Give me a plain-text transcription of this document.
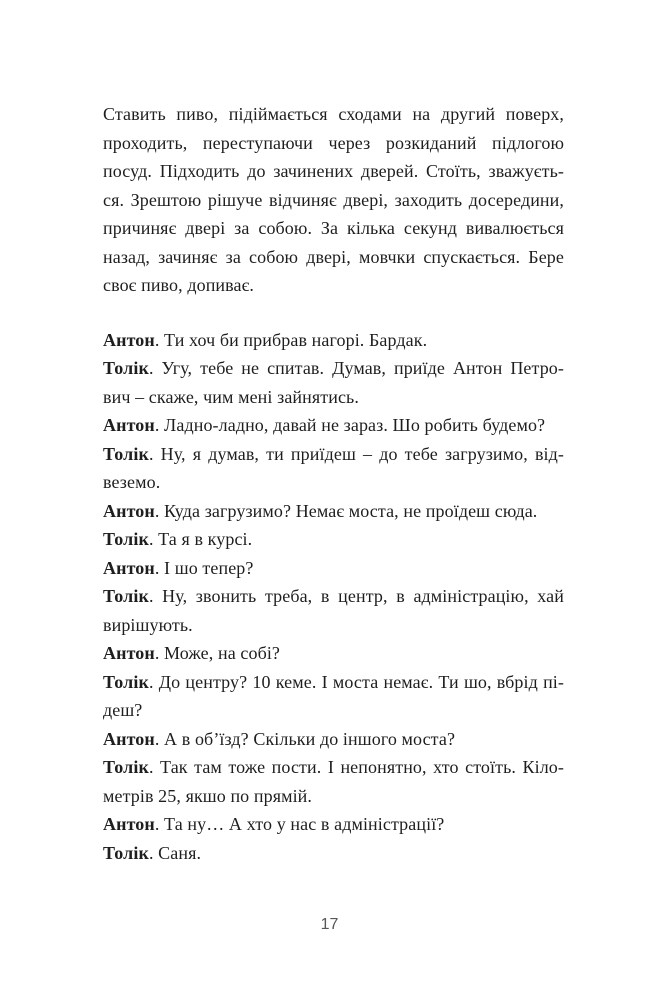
Ставить пиво, підіймається сходами на другий поверх,
проходить, переступаючи через розкиданий підлогою
посуд. Підходить до зачинених дверей. Стоїть, зважуєть-
ся. Зрештою рішуче відчиняє двері, заходить досередини,
причиняє двері за собою. За кілька секунд вивалюється
назад, зачиняє за собою двері, мовчки спускається. Бере
своє пиво, допиває.

Антон. Ти хоч би прибрав нагорі. Бардак.

Толік. Угу, тебе не спитав. Думав, приїде Антон Петро-
вич – скаже, чим мені зайнятись.

Антон. Ладно-ладно, давай не зараз. Шо робить будемо?

Толік. Ну, я думав, ти приїдеш – до тебе загрузимо, від-
веземо.

Антон. Куда загрузимо? Немає моста, не проїдеш сюда.

Толік. Та я в курсі.

Антон. І шо тепер?

Толік. Ну, звонить треба, в центр, в адміністрацію, хай
вирішують.

Антон. Може, на собі?

Толік. До центру? 10 кеме. І моста немає. Ти шо, вбрід пі-
деш?

Антон. А в об’їзд? Скільки до іншого моста?

Толік. Так там тоже пости. І непонятно, хто стоїть. Кіло-
метрів 25, якшо по прямій.

Антон. Та ну… А хто у нас в адміністрації?

Толік. Саня.

17
